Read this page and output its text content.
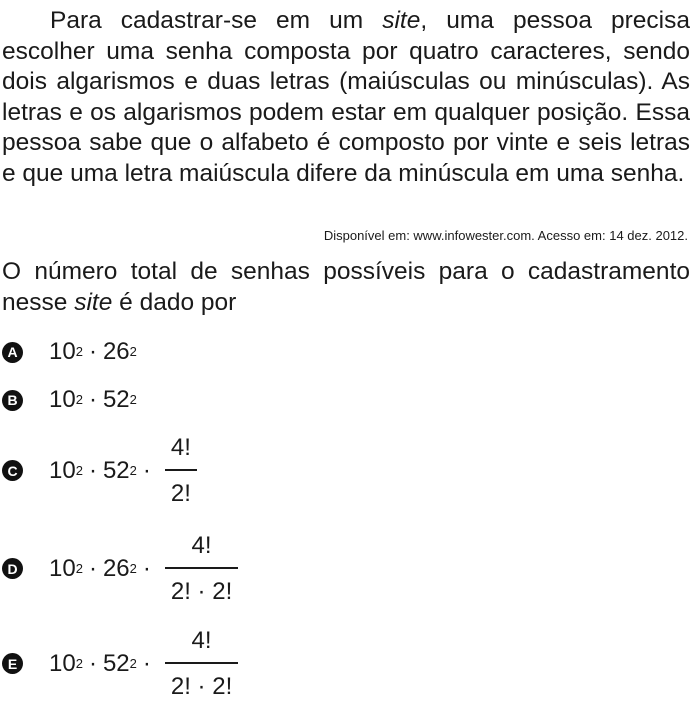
Para cadastrar-se em um site, uma pessoa precisa escolher uma senha composta por quatro caracteres, sendo dois algarismos e duas letras (maiúsculas ou minúsculas). As letras e os algarismos podem estar em qualquer posição. Essa pessoa sabe que o alfabeto é composto por vinte e seis letras e que uma letra maiúscula difere da minúscula em uma senha.
Disponível em: www.infowester.com. Acesso em: 14 dez. 2012.
O número total de senhas possíveis para o cadastramento nesse site é dado por
A 10 2 · 26 2
B 10 2 · 52 2
C 10 2 · 52 $2 \cdot \frac{4!}{2!}$
D 10 2 · 26 $2 \cdot \frac{4!}{2! \cdot 2!}$
E 10 2 · 52 $2 \cdot \frac{4!}{2! \cdot 2!}$
